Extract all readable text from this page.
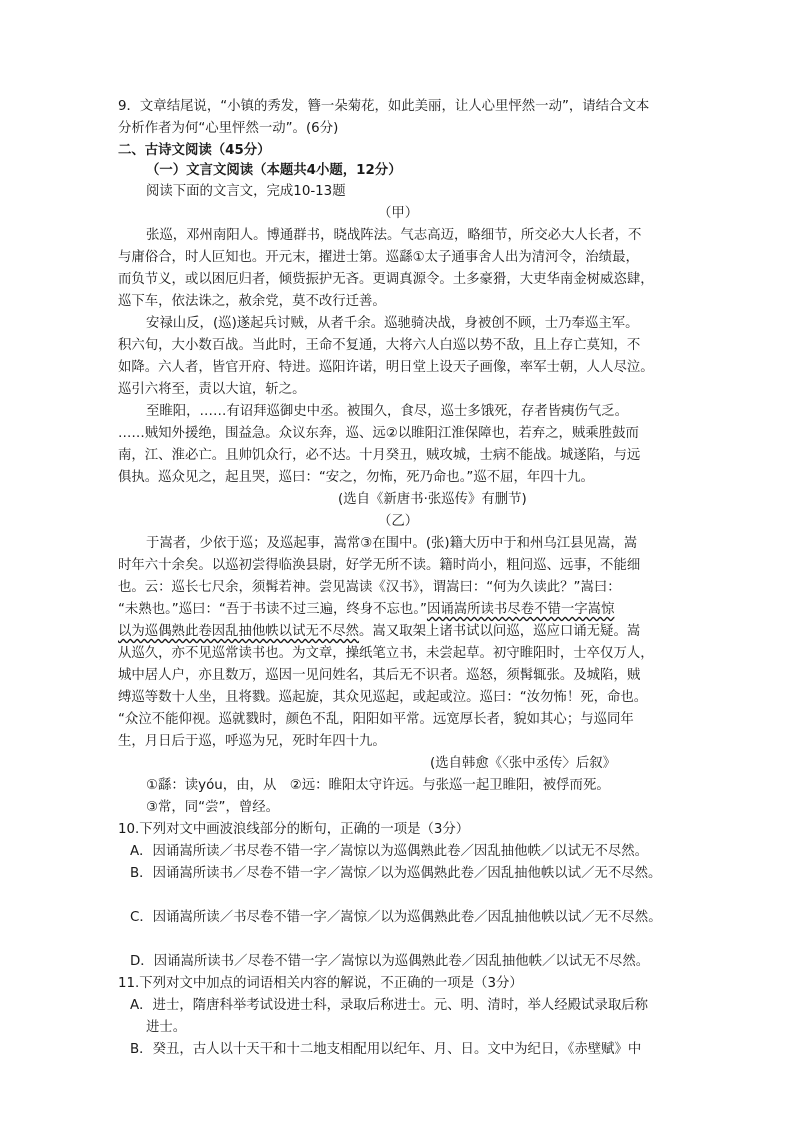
9．文章结尾说，“小镇的秀发，簪一朵菊花，如此美丽，让人心里怦然一动”，请结合文本
分析作者为何“心里怦然一动”。(6分)
二、古诗文阅读（45分）
（一）文言文阅读（本题共4小题，12分）
阅读下面的文言文，完成10-13题
（甲）
张巡，邓州南阳人。博通群书，晓战阵法。气志高迈，略细节，所交必大人长者，不
与庸俗合，时人叵知也。开元末，擢进士第。巡繇①太子通事舍人出为清河令，治绩最，
而负节义，或以困厄归者，倾赀振护无吝。更调真源令。土多豪猾，大吏华南金树威恣肆，
巡下车，依法诛之，赦余党，莫不改行迁善。
安禄山反，(巡)遂起兵讨贼，从者千余。巡驰骑决战，身被创不顾，士乃奉巡主军。
积六旬，大小数百战。当此时，王命不复通，大将六人白巡以势不敌，且上存亡莫知，不
如降。六人者，皆官开府、特进。巡阳许诺，明日堂上设天子画像，率军士朝，人人尽泣。
巡引六将至，责以大谊，斩之。
至睢阳，……有诏拜巡御史中丞。被围久，食尽，巡士多饿死，存者皆痍伤气乏。
……贼知外援绝，围益急。众议东奔，巡、远②以睢阳江淮保障也，若弃之，贼乘胜鼓而
南，江、淮必亡。且帅饥众行，必不达。十月癸丑，贼攻城，士病不能战。城遂陷，与远
俱执。巡众见之，起且哭，巡曰：“安之，勿怖，死乃命也。”巡不屈，年四十九。
(选自《新唐书·张巡传》有删节)
（乙）
于嵩者，少依于巡；及巡起事，嵩常③在围中。(张)籍大历中于和州乌江县见嵩，嵩
时年六十余矣。以巡初尝得临涣县尉，好学无所不读。籍时尚小，粗问巡、远事，不能细
也。云：巡长七尺余，须髯若神。尝见嵩读《汉书》，谓嵩曰：“何为久读此？”嵩曰：
“未熟也。”巡曰：“吾于书读不过三遍，终身不忘也。”因诵嵩所读书尽卷不错一字嵩惊
以为巡偶熟此卷因乱抽他帙以试无不尽然。嵩又取架上诸书试以问巡，巡应口诵无疑。嵩
从巡久，亦不见巡常读书也。为文章，操纸笔立书，未尝起草。初守睢阳时，士卒仅万人，
城中居人户，亦且数万，巡因一见问姓名，其后无不识者。巡怒，须髯辄张。及城陷，贼
缚巡等数十人坐，且将戮。巡起旋，其众见巡起，或起或泣。巡曰：“汝勿怖！死，命也。
“众泣不能仰视。巡就戮时，颜色不乱，阳阳如平常。远宽厚长者，貌如其心；与巡同年
生，月日后于巡，呼巡为兄，死时年四十九。
(选自韩愈《〈张中丞传〉后叙》
①繇：读yóu，由，从　②远：睢阳太守许远。与张巡一起卫睢阳，被俘而死。
③常，同“尝”，曾经。
10.下列对文中画波浪线部分的断句，正确的一项是（3分）
A．因诵嵩所读／书尽卷不错一字／嵩惊以为巡偶熟此卷／因乱抽他帙／以试无不尽然。
B．因诵嵩所读书／尽卷不错一字／嵩惊／以为巡偶熟此卷／因乱抽他帙以试／无不尽然。
C．因诵嵩所读／书尽卷不错一字／嵩惊／以为巡偶熟此卷／因乱抽他帙以试／无不尽然。
D．因诵嵩所读书／尽卷不错一字／嵩惊以为巡偶熟此卷／因乱抽他帙／以试无不尽然。
11.下列对文中加点的词语相关内容的解说，不正确的一项是（3分）
A．进士，隋唐科举考试设进士科，录取后称进士。元、明、清时，举人经殿试录取后称
进士。
B．癸丑，古人以十天干和十二地支相配用以纪年、月、日。文中为纪日，《赤壁赋》中
